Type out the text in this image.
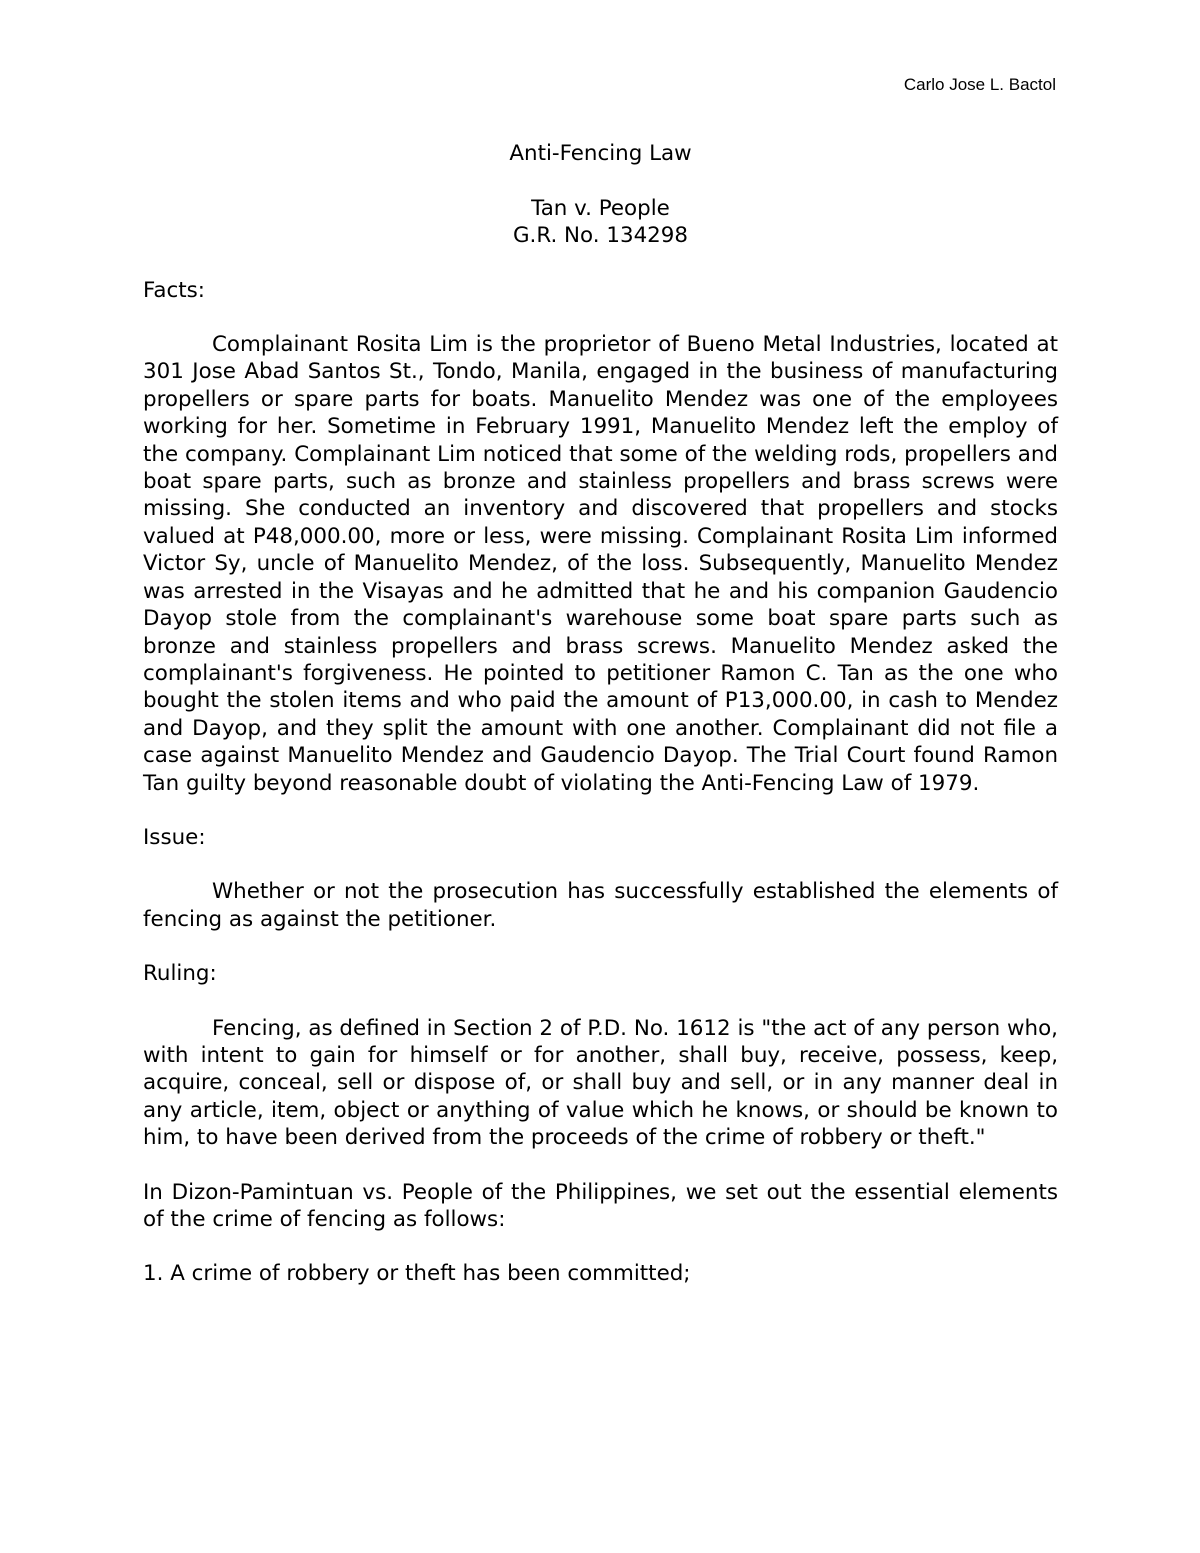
Carlo Jose L. Bactol

Anti-Fencing Law

Tan v. People

G.R. No. 134298

Facts:

Complainant Rosita Lim is the proprietor of Bueno Metal Industries, located at 301 Jose Abad Santos St., Tondo, Manila, engaged in the business of manufacturing propellers or spare parts for boats. Manuelito Mendez was one of the employees working for her. Sometime in February 1991, Manuelito Mendez left the employ of the company. Complainant Lim noticed that some of the welding rods, propellers and boat spare parts, such as bronze and stainless propellers and brass screws were missing. She conducted an inventory and discovered that propellers and stocks valued at P48,000.00, more or less, were missing. Complainant Rosita Lim informed Victor Sy, uncle of Manuelito Mendez, of the loss. Subsequently, Manuelito Mendez was arrested in the Visayas and he admitted that he and his companion Gaudencio Dayop stole from the complainant's warehouse some boat spare parts such as bronze and stainless propellers and brass screws. Manuelito Mendez asked the complainant's forgiveness. He pointed to petitioner Ramon C. Tan as the one who bought the stolen items and who paid the amount of P13,000.00, in cash to Mendez and Dayop, and they split the amount with one another. Complainant did not file a case against Manuelito Mendez and Gaudencio Dayop. The Trial Court found Ramon Tan guilty beyond reasonable doubt of violating the Anti-Fencing Law of 1979.

Issue:

Whether or not the prosecution has successfully established the elements of fencing as against the petitioner.

Ruling:

Fencing, as defined in Section 2 of P.D. No. 1612 is "the act of any person who, with intent to gain for himself or for another, shall buy, receive, possess, keep, acquire, conceal, sell or dispose of, or shall buy and sell, or in any manner deal in any article, item, object or anything of value which he knows, or should be known to him, to have been derived from the proceeds of the crime of robbery or theft."

In Dizon-Pamintuan vs. People of the Philippines, we set out the essential elements of the crime of fencing as follows:

1. A crime of robbery or theft has been committed;
